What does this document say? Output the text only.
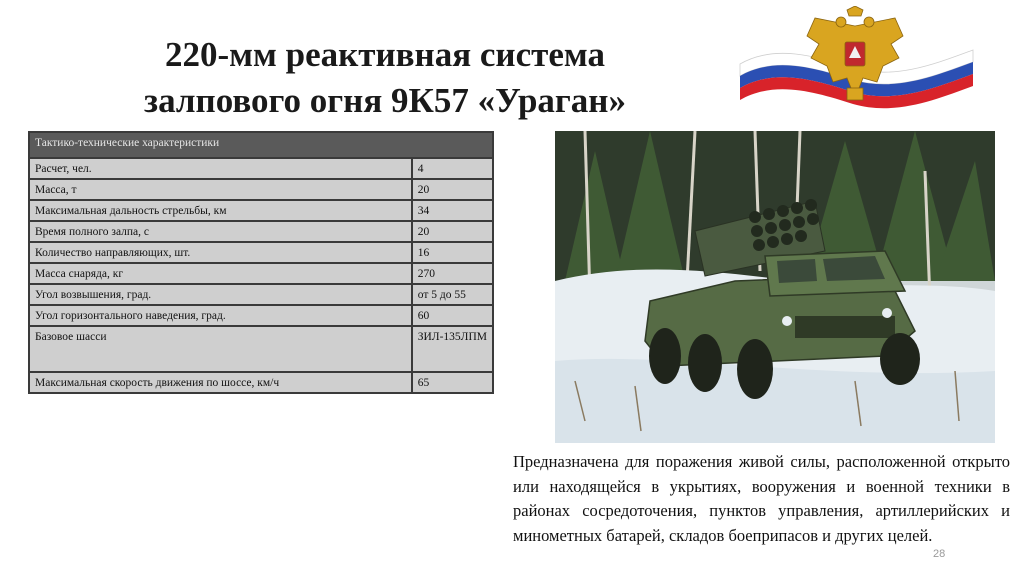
220-мм реактивная система
залпового огня 9К57 «Ураган»
Тактико-технические характеристики	
Расчет, чел.	4
Масса, т	20
Максимальная дальность стрельбы, км	34
Время полного залпа, с	20
Количество направляющих, шт.	16
Масса снаряда, кг	270
Угол возвышения, град.	от 5 до 55
Угол горизонтального наведения, град.	60
Базовое шасси	ЗИЛ-135ЛПМ
Максимальная скорость движения по шоссе, км/ч	65
Предназначена для поражения живой силы, расположенной открыто или находящейся в укрытиях, вооружения и военной техники в районах сосредоточения, пунктов управления, артиллерийских и минометных батарей, складов боеприпасов и других целей.
28
